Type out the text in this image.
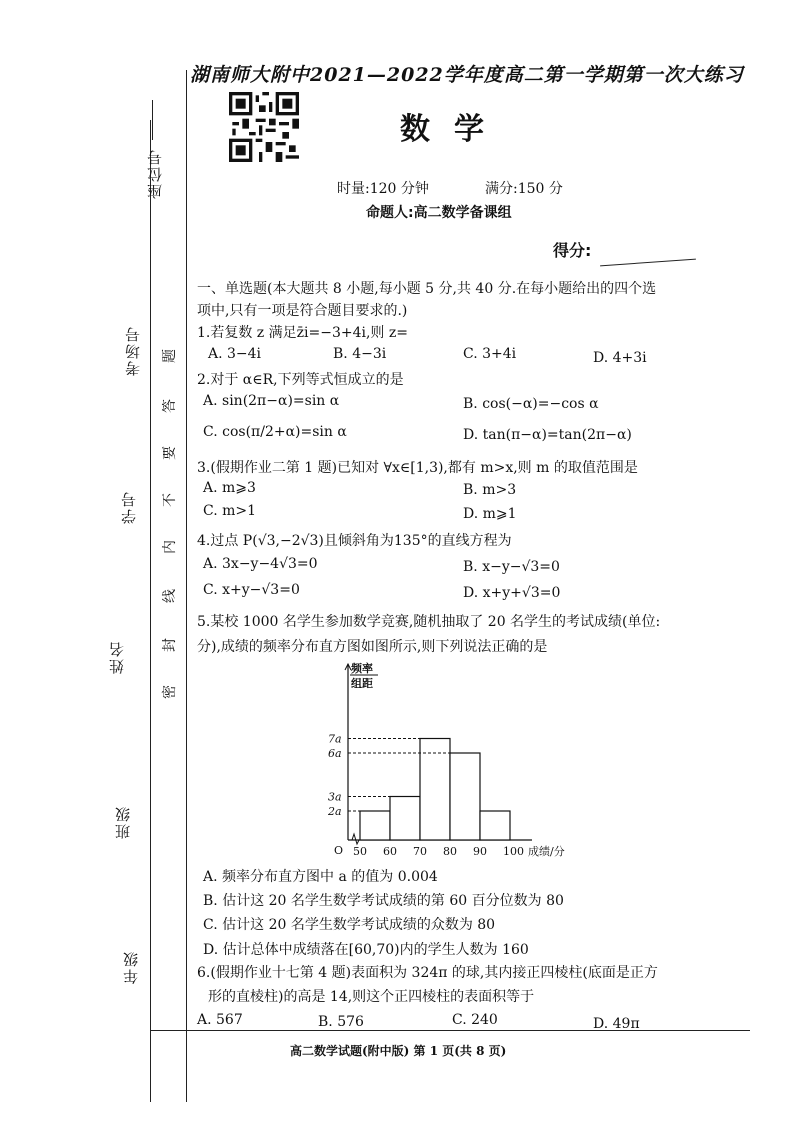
座位号
考场号
学号
姓名
班级
年级
题
答
要
不
内
线
封
密
湖南师大附中2021—2022学年度高二第一学期第一次大练习
数学
时量:120 分钟	满分:150 分
命题人:高二数学备课组
得分:
一、单选题(本大题共 8 小题,每小题 5 分,共 40 分.在每小题给出的四个选
项中,只有一项是符合题目要求的.)
1.若复数 z 满足z̄i=−3+4i,则 z=
A. 3−4i	B. 4−3i	C. 3+4i	D. 4+3i
2.对于 α∈R,下列等式恒成立的是
A. sin(2π−α)=sin α	B. cos(−α)=−cos α
C. cos(π/2+α)=sin α	D. tan(π−α)=tan(2π−α)
3.(假期作业二第 1 题)已知对 ∀x∈[1,3),都有 m>x,则 m 的取值范围是
A. m⩾3	B. m>3
C. m>1	D. m⩾1
4.过点 P(√3,−2√3)且倾斜角为135°的直线方程为
A. 3x−y−4√3=0	B. x−y−√3=0
C. x+y−√3=0	D. x+y+√3=0
5.某校 1000 名学生参加数学竞赛,随机抽取了 20 名学生的考试成绩(单位:
分),成绩的频率分布直方图如图所示,则下列说法正确的是
频率
组距
O	成绩/分
7a
6a
3a
2a
50 60 70 80 90 100
A. 频率分布直方图中 a 的值为 0.004
B. 估计这 20 名学生数学考试成绩的第 60 百分位数为 80
C. 估计这 20 名学生数学考试成绩的众数为 80
D. 估计总体中成绩落在[60,70)内的学生人数为 160
6.(假期作业十七第 4 题)表面积为 324π 的球,其内接正四棱柱(底面是正方
形的直棱柱)的高是 14,则这个正四棱柱的表面积等于
A. 567	B. 576	C. 240	D. 49π
高二数学试题(附中版) 第 1 页(共 8 页)
